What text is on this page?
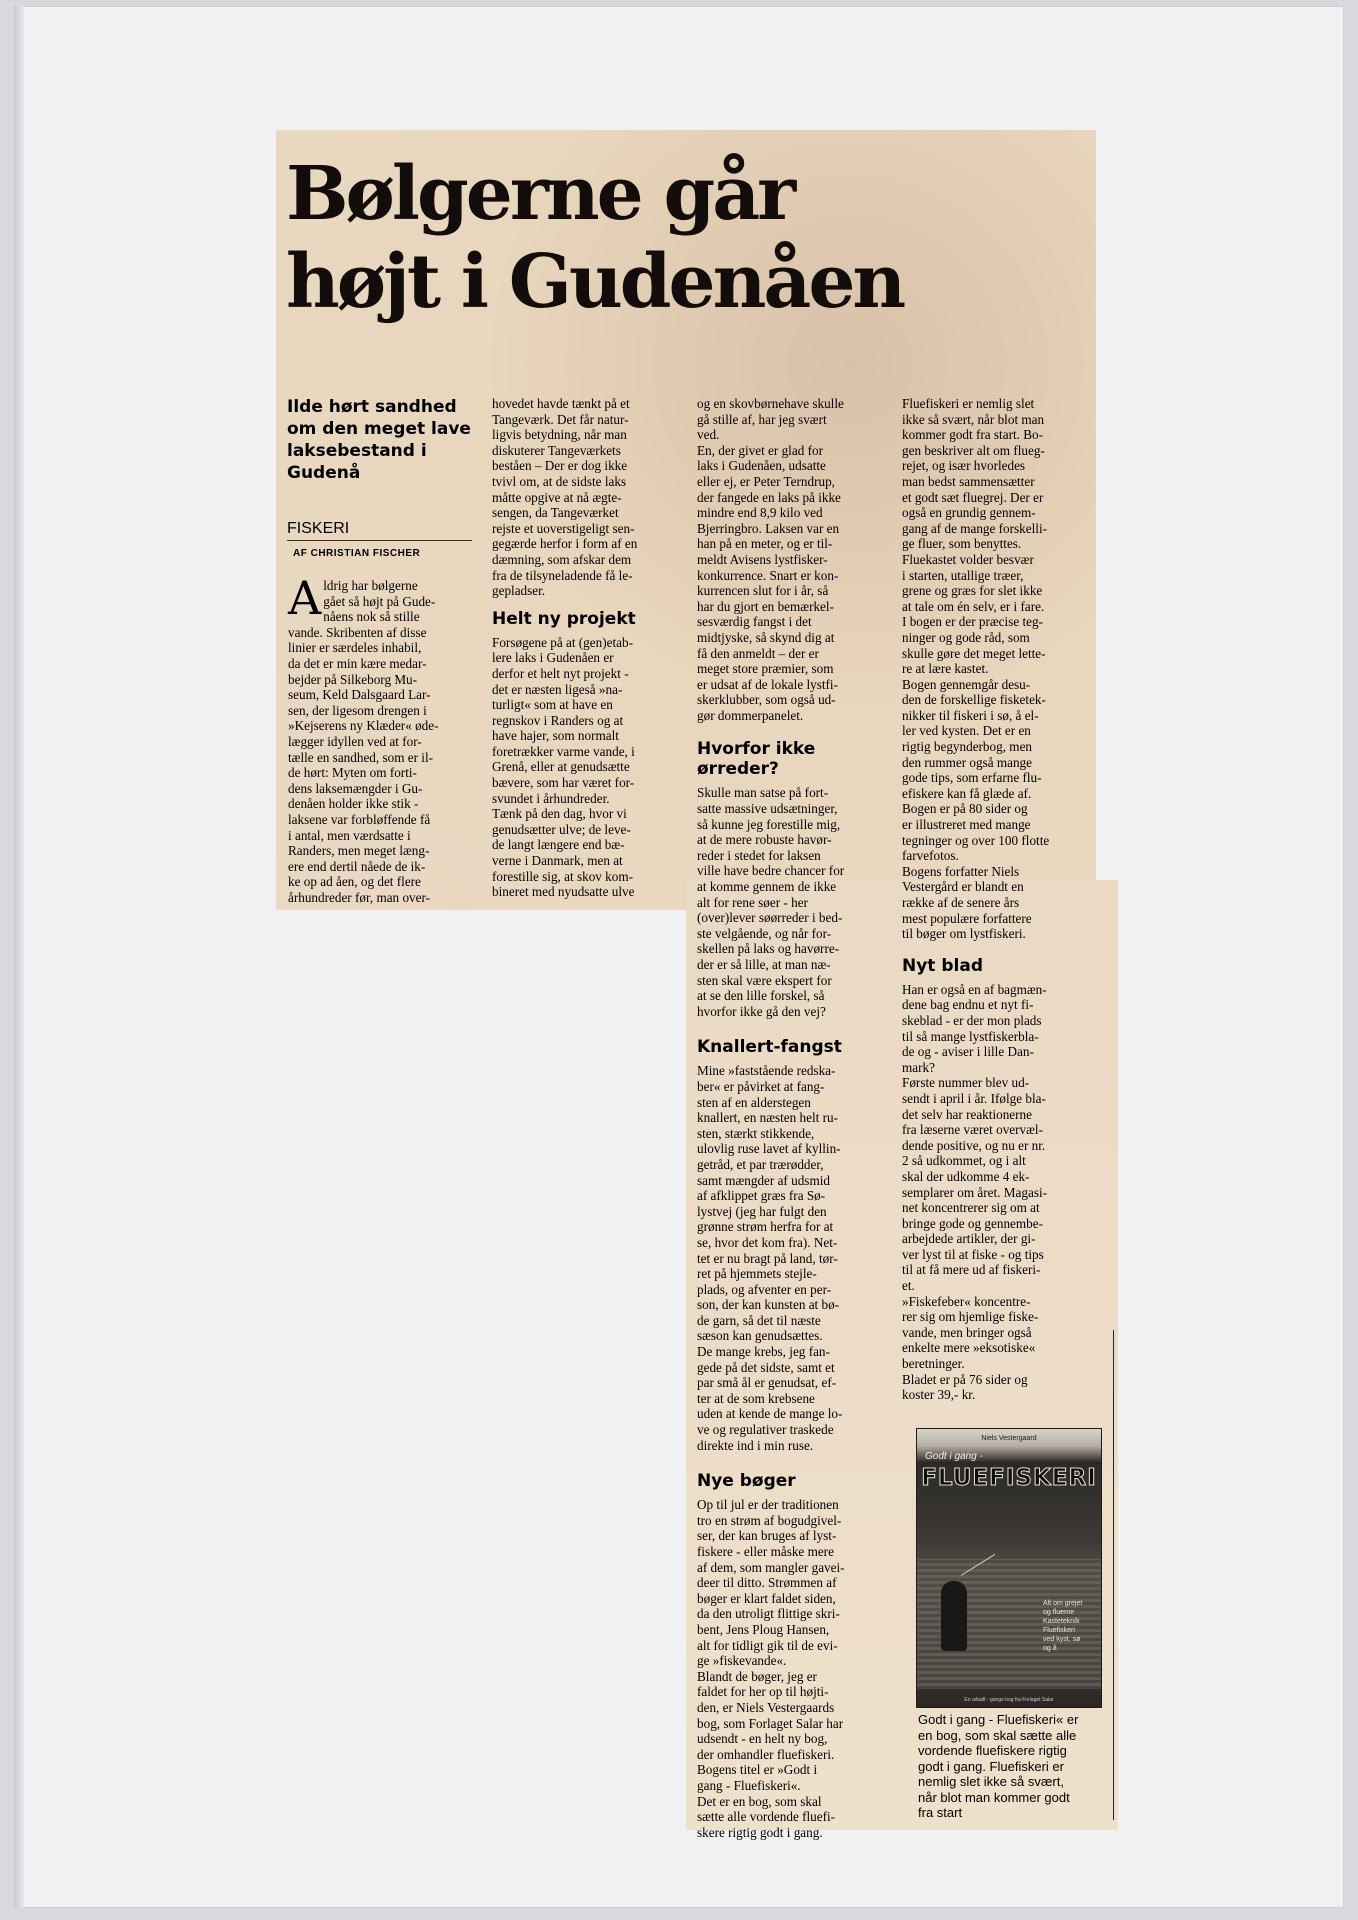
Bølgerne går
højt i Gudenåen
Ilde hørt sandhed om den meget lave laksebestand i Gudenå
FISKERI
AF CHRISTIAN FISCHER
A ldrig har bølgerne
gået så højt på Gude-
nåens nok så stille
vande. Skribenten af disse
linier er særdeles inhabil,
da det er min kære medar-
bejder på Silkeborg Mu-
seum, Keld Dalsgaard Lar-
sen, der ligesom drengen i
»Kejserens ny Klæder« øde-
lægger idyllen ved at for-
tælle en sandhed, som er il-
de hørt: Myten om forti-
dens laksemængder i Gu-
denåen holder ikke stik -
laksene var forbløffende få
i antal, men værdsatte i
Randers, men meget læng-
ere end dertil nåede de ik-
ke op ad åen, og det flere
århundreder før, man over-

hovedet havde tænkt på et
Tangeværk. Det får natur-
ligvis betydning, når man
diskuterer Tangeværkets
beståen – Der er dog ikke
tvivl om, at de sidste laks
måtte opgive at nå ægte-
sengen, da Tangeværket
rejste et uoverstigeligt sen-
gegærde herfor i form af en
dæmning, som afskar dem
fra de tilsyneladende få le-
gepladser.

Helt ny projekt

Forsøgene på at (gen)etab-
lere laks i Gudenåen er
derfor et helt nyt projekt -
det er næsten ligeså »na-
turligt« som at have en
regnskov i Randers og at
have hajer, som normalt
foretrækker varme vande, i
Grenå, eller at genudsætte
bævere, som har været for-
svundet i århundreder.
Tænk på den dag, hvor vi
genudsætter ulve; de leve-
de langt længere end bæ-
verne i Danmark, men at
forestille sig, at skov kom-
bineret med nyudsatte ulve

og en skovbørnehave skulle
gå stille af, har jeg svært
ved.
En, der givet er glad for
laks i Gudenåen, udsatte
eller ej, er Peter Terndrup,
der fangede en laks på ikke
mindre end 8,9 kilo ved
Bjerringbro. Laksen var en
han på en meter, og er til-
meldt Avisens lystfisker-
konkurrence. Snart er kon-
kurrencen slut for i år, så
har du gjort en bemærkel-
sesværdig fangst i det
midtjyske, så skynd dig at
få den anmeldt – der er
meget store præmier, som
er udsat af de lokale lystfi-
skerklubber, som også ud-
gør dommerpanelet.

Hvorfor ikke ørreder?

Skulle man satse på fort-
satte massive udsætninger,
så kunne jeg forestille mig,
at de mere robuste havør-
reder i stedet for laksen
ville have bedre chancer for
at komme gennem de ikke
alt for rene søer - her
(over)lever søørreder i bed-
ste velgående, og når for-
skellen på laks og havørre-
der er så lille, at man næ-
sten skal være ekspert for
at se den lille forskel, så
hvorfor ikke gå den vej?

Knallert-fangst

Mine »faststående redska-
ber« er påvirket at fang-
sten af en alderstegen
knallert, en næsten helt ru-
sten, stærkt stikkende,
ulovlig ruse lavet af kyllin-
getråd, et par trærødder,
samt mængder af udsmid
af afklippet græs fra Sø-
lystvej (jeg har fulgt den
grønne strøm herfra for at
se, hvor det kom fra). Net-
tet er nu bragt på land, tør-
ret på hjemmets stejle-
plads, og afventer en per-
son, der kan kunsten at bø-
de garn, så det til næste
sæson kan genudsættes.
De mange krebs, jeg fan-
gede på det sidste, samt et
par små ål er genudsat, ef-
ter at de som krebsene
uden at kende de mange lo-
ve og regulativer traskede
direkte ind i min ruse.

Nye bøger

Op til jul er der traditionen
tro en strøm af bogudgivel-
ser, der kan bruges af lyst-
fiskere - eller måske mere
af dem, som mangler gavei-
deer til ditto. Strømmen af
bøger er klart faldet siden,
da den utroligt flittige skri-
bent, Jens Ploug Hansen,
alt for tidligt gik til de evi-
ge »fiskevande«.
Blandt de bøger, jeg er
faldet for her op til højti-
den, er Niels Vestergaards
bog, som Forlaget Salar har
udsendt - en helt ny bog,
der omhandler fluefiskeri.
Bogens titel er »Godt i
gang - Fluefiskeri«.
Det er en bog, som skal
sætte alle vordende fluefi-
skere rigtig godt i gang.

Fluefiskeri er nemlig slet
ikke så svært, når blot man
kommer godt fra start. Bo-
gen beskriver alt om flueg-
rejet, og især hvorledes
man bedst sammensætter
et godt sæt fluegrej. Der er
også en grundig gennem-
gang af de mange forskelli-
ge fluer, som benyttes.
Fluekastet volder besvær
i starten, utallige træer,
grene og græs for slet ikke
at tale om én selv, er i fare.
I bogen er der præcise teg-
ninger og gode råd, som
skulle gøre det meget lette-
re at lære kastet.
Bogen gennemgår desu-
den de forskellige fisketek-
nikker til fiskeri i sø, å el-
ler ved kysten. Det er en
rigtig begynderbog, men
den rummer også mange
gode tips, som erfarne flu-
efiskere kan få glæde af.
Bogen er på 80 sider og
er illustreret med mange
tegninger og over 100 flotte
farvefotos.
Bogens forfatter Niels
Vestergård er blandt en
række af de senere års
mest populære forfattere
til bøger om lystfiskeri.

Nyt blad

Han er også en af bagmæn-
dene bag endnu et nyt fi-
skeblad - er der mon plads
til så mange lystfiskerbla-
de og - aviser i lille Dan-
mark?
Første nummer blev ud-
sendt i april i år. Ifølge bla-
det selv har reaktionerne
fra læserne været overvæl-
dende positive, og nu er nr.
2 så udkommet, og i alt
skal der udkomme 4 ek-
semplarer om året. Magasi-
net koncentrerer sig om at
bringe gode og gennembe-
arbejdede artikler, der gi-
ver lyst til at fiske - og tips
til at få mere ud af fiskeri-
et.
»Fiskefeber« koncentre-
rer sig om hjemlige fiske-
vande, men bringer også
enkelte mere »eksotiske«
beretninger.
Bladet er på 76 sider og
koster 39,- kr.

Niels Vestergaard
Godt i gang -
FLUEFISKERI
Alt om grejet
og fluerne
Kastetekník
Fluefiskeri
ved kyst, sø
og å
En udsaft - gange bog fra Forlaget Salar
Godt i gang - Fluefiskeri« er
en bog, som skal sætte alle
vordende fluefiskere rigtig
godt i gang. Fluefiskeri er
nemlig slet ikke så svært,
når blot man kommer godt
fra start
